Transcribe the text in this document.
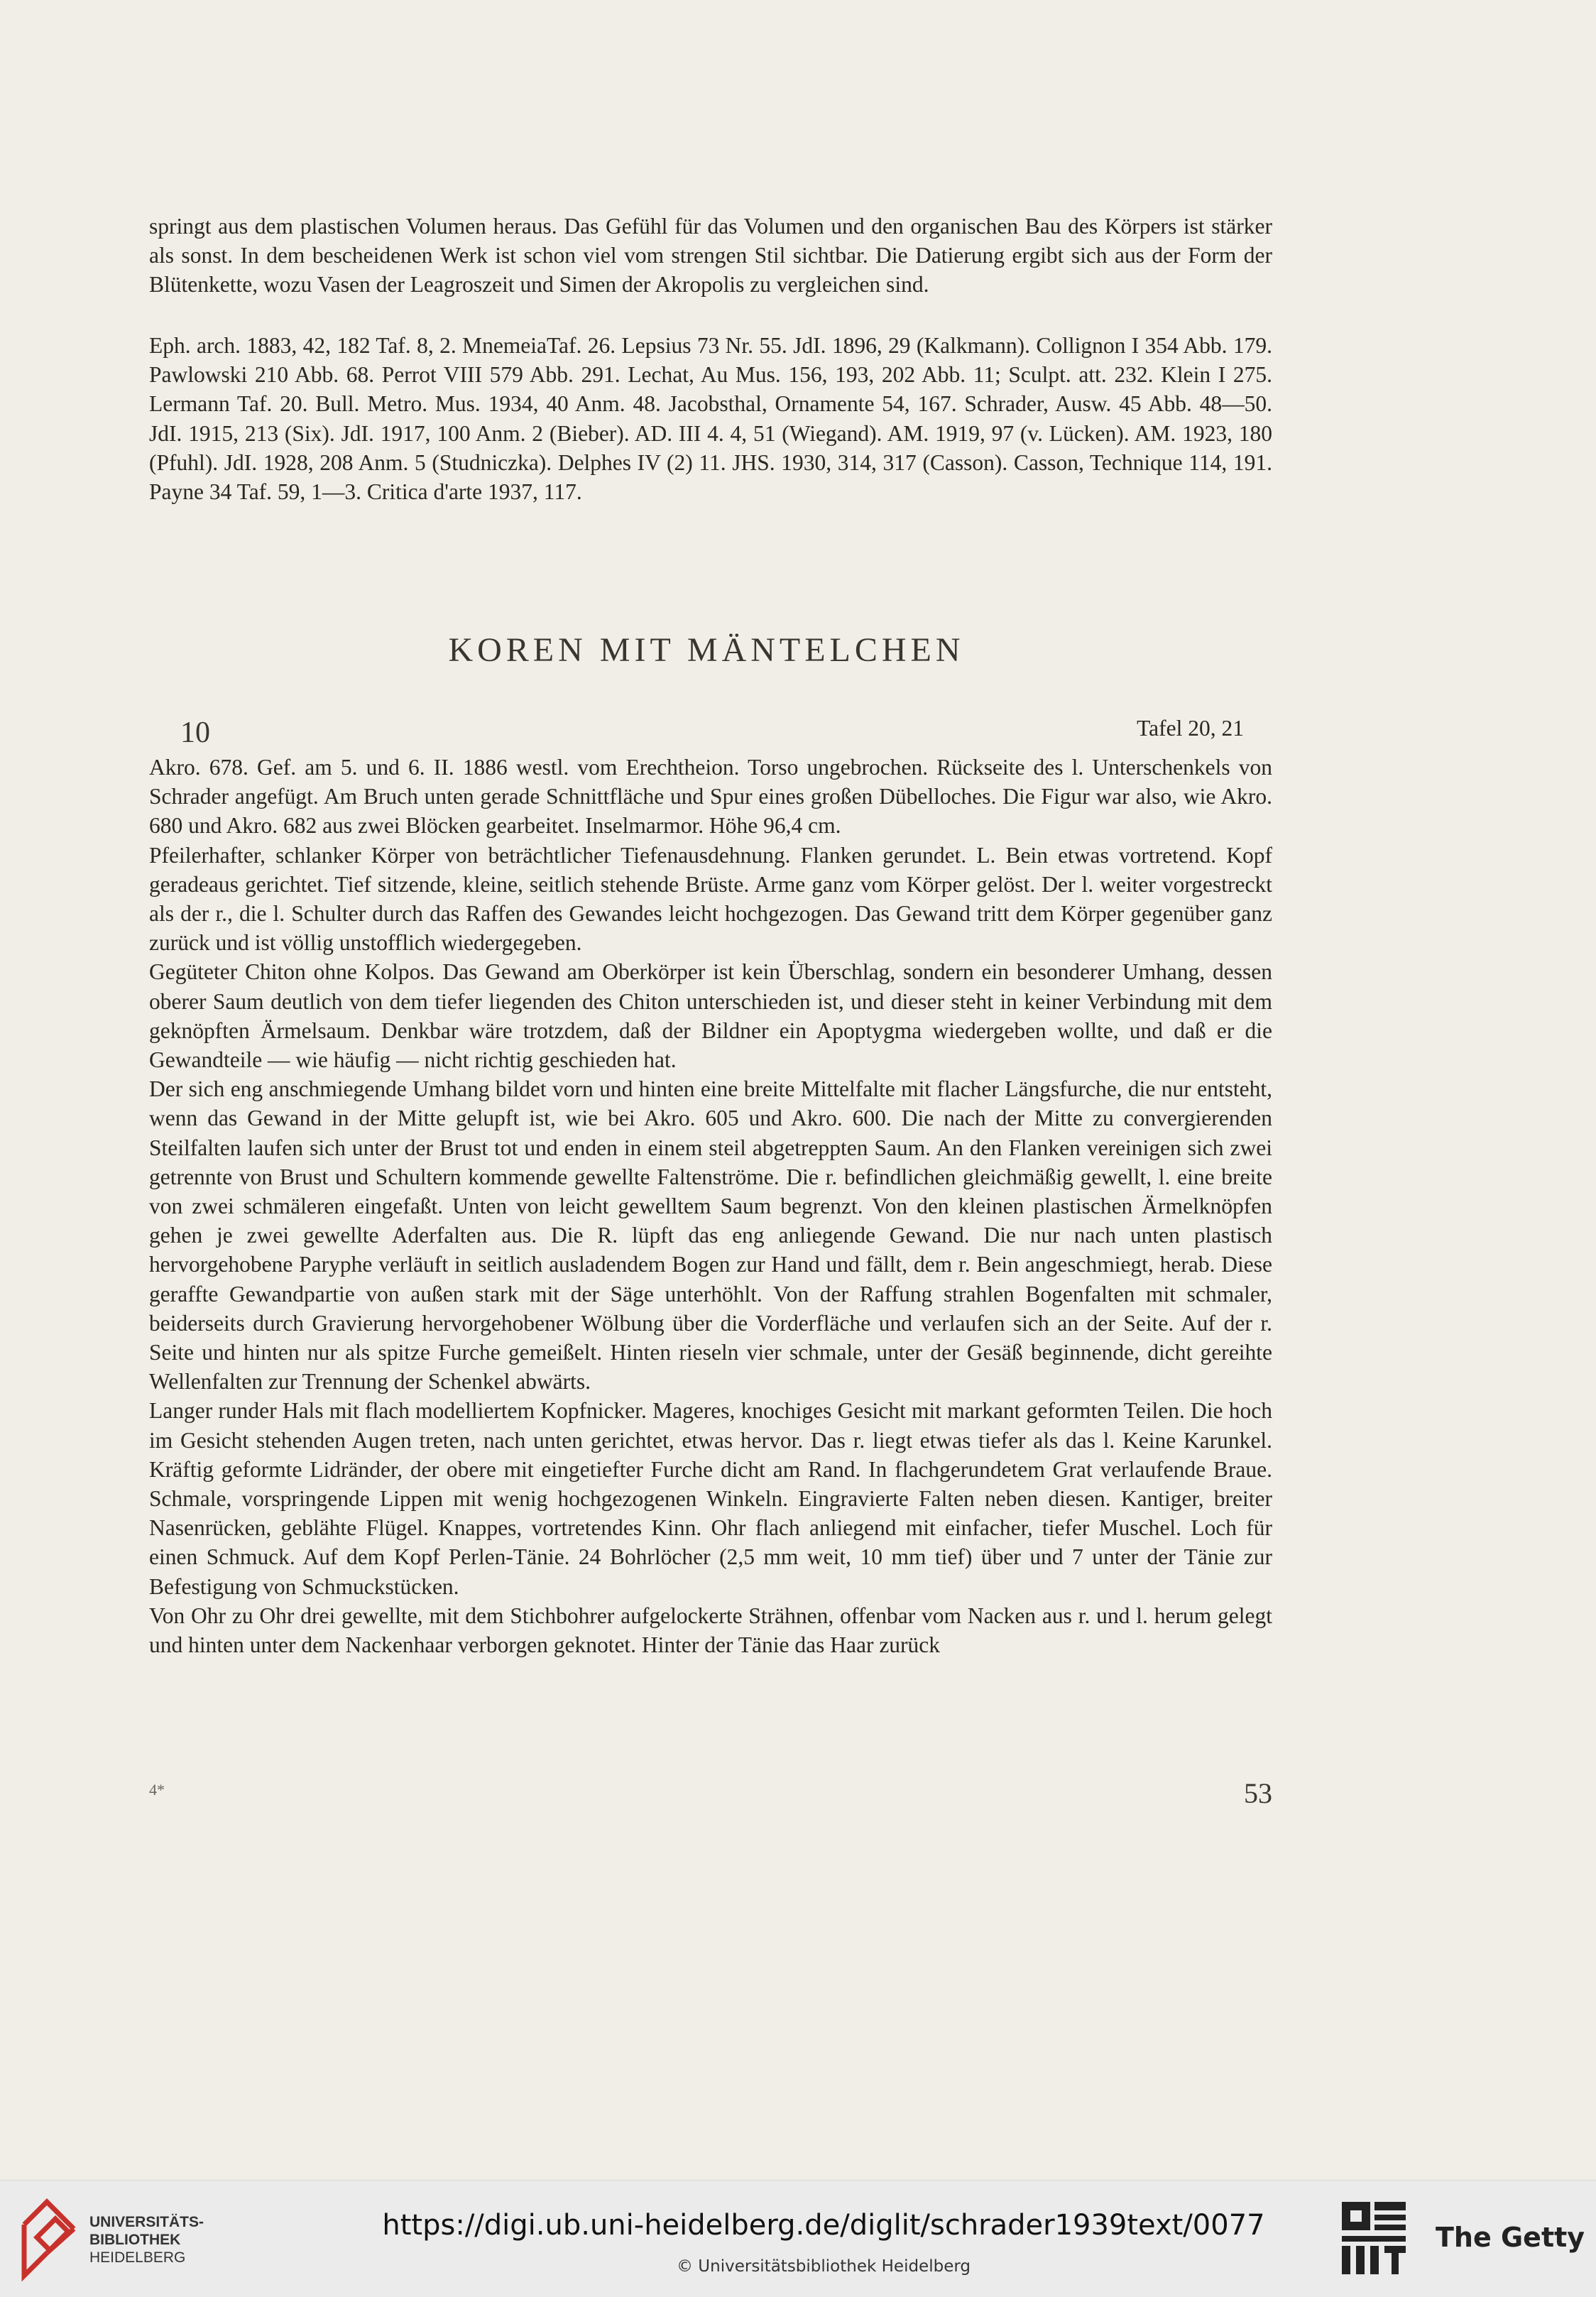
springt aus dem plastischen Volumen heraus. Das Gefühl für das Volumen und den organischen Bau des Körpers ist stärker als sonst. In dem bescheidenen Werk ist schon viel vom strengen Stil sichtbar. Die Datierung ergibt sich aus der Form der Blütenkette, wozu Vasen der Leagroszeit und Simen der Akropolis zu vergleichen sind.

Eph. arch. 1883, 42, 182 Taf. 8, 2. MnemeiaTaf. 26. Lepsius 73 Nr. 55. JdI. 1896, 29 (Kalkmann). Collignon I 354 Abb. 179. Pawlowski 210 Abb. 68. Perrot VIII 579 Abb. 291. Lechat, Au Mus. 156, 193, 202 Abb. 11; Sculpt. att. 232. Klein I 275. Lermann Taf. 20. Bull. Metro. Mus. 1934, 40 Anm. 48. Jacobsthal, Ornamente 54, 167. Schrader, Ausw. 45 Abb. 48—50. JdI. 1915, 213 (Six). JdI. 1917, 100 Anm. 2 (Bieber). AD. III 4. 4, 51 (Wiegand). AM. 1919, 97 (v. Lücken). AM. 1923, 180 (Pfuhl). JdI. 1928, 208 Anm. 5 (Studniczka). Delphes IV (2) 11. JHS. 1930, 314, 317 (Casson). Casson, Technique 114, 191. Payne 34 Taf. 59, 1—3. Critica d'arte 1937, 117.

KOREN MIT MÄNTELCHEN
10	Tafel 20, 21

Akro. 678. Gef. am 5. und 6. II. 1886 westl. vom Erechtheion. Torso ungebrochen. Rückseite des l. Unterschenkels von Schrader angefügt. Am Bruch unten gerade Schnittfläche und Spur eines großen Dübelloches. Die Figur war also, wie Akro. 680 und Akro. 682 aus zwei Blöcken gearbeitet. Inselmarmor. Höhe 96,4 cm.

Pfeilerhafter, schlanker Körper von beträchtlicher Tiefenausdehnung. Flanken gerundet. L. Bein etwas vortretend. Kopf geradeaus gerichtet. Tief sitzende, kleine, seitlich stehende Brüste. Arme ganz vom Körper gelöst. Der l. weiter vorgestreckt als der r., die l. Schulter durch das Raffen des Gewandes leicht hochgezogen. Das Gewand tritt dem Körper gegenüber ganz zurück und ist völlig unstofflich wiedergegeben.

Gegüteter Chiton ohne Kolpos. Das Gewand am Oberkörper ist kein Überschlag, sondern ein besonderer Umhang, dessen oberer Saum deutlich von dem tiefer liegenden des Chiton unterschieden ist, und dieser steht in keiner Verbindung mit dem geknöpften Ärmelsaum. Denkbar wäre trotzdem, daß der Bildner ein Apoptygma wiedergeben wollte, und daß er die Gewandteile — wie häufig — nicht richtig geschieden hat.

Der sich eng anschmiegende Umhang bildet vorn und hinten eine breite Mittelfalte mit flacher Längsfurche, die nur entsteht, wenn das Gewand in der Mitte gelupft ist, wie bei Akro. 605 und Akro. 600. Die nach der Mitte zu convergierenden Steilfalten laufen sich unter der Brust tot und enden in einem steil abgetreppten Saum. An den Flanken vereinigen sich zwei getrennte von Brust und Schultern kommende gewellte Faltenströme. Die r. befindlichen gleichmäßig gewellt, l. eine breite von zwei schmäleren eingefaßt. Unten von leicht gewelltem Saum begrenzt. Von den kleinen plastischen Ärmelknöpfen gehen je zwei gewellte Aderfalten aus. Die R. lüpft das eng anliegende Gewand. Die nur nach unten plastisch hervorgehobene Paryphe verläuft in seitlich ausladendem Bogen zur Hand und fällt, dem r. Bein angeschmiegt, herab. Diese geraffte Gewandpartie von außen stark mit der Säge unterhöhlt. Von der Raffung strahlen Bogenfalten mit schmaler, beiderseits durch Gravierung hervorgehobener Wölbung über die Vorderfläche und verlaufen sich an der Seite. Auf der r. Seite und hinten nur als spitze Furche gemeißelt. Hinten rieseln vier schmale, unter der Gesäß beginnende, dicht gereihte Wellenfalten zur Trennung der Schenkel abwärts.

Langer runder Hals mit flach modelliertem Kopfnicker. Mageres, knochiges Gesicht mit markant geformten Teilen. Die hoch im Gesicht stehenden Augen treten, nach unten gerichtet, etwas hervor. Das r. liegt etwas tiefer als das l. Keine Karunkel. Kräftig geformte Lidränder, der obere mit eingetiefter Furche dicht am Rand. In flachgerundetem Grat verlaufende Braue. Schmale, vorspringende Lippen mit wenig hochgezogenen Winkeln. Eingravierte Falten neben diesen. Kantiger, breiter Nasenrücken, geblähte Flügel. Knappes, vortretendes Kinn. Ohr flach anliegend mit einfacher, tiefer Muschel. Loch für einen Schmuck. Auf dem Kopf Perlen-Tänie. 24 Bohrlöcher (2,5 mm weit, 10 mm tief) über und 7 unter der Tänie zur Befestigung von Schmuckstücken.

Von Ohr zu Ohr drei gewellte, mit dem Stichbohrer aufgelockerte Strähnen, offenbar vom Nacken aus r. und l. herum gelegt und hinten unter dem Nackenhaar verborgen geknotet. Hinter der Tänie das Haar zurück

4*	53
UNIVERSITÄTS-
BIBLIOTHEK
HEIDELBERG
https://digi.ub.uni-heidelberg.de/diglit/schrader1939text/0077
© Universitätsbibliothek Heidelberg
The Getty
